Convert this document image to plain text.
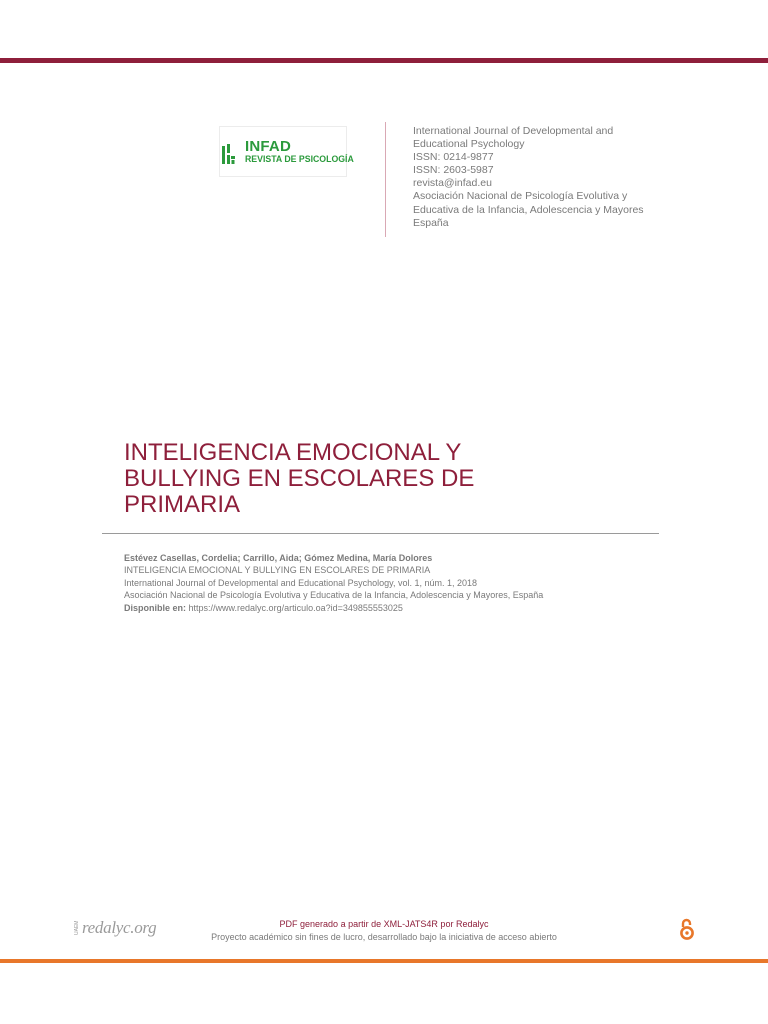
INFAD
REVISTA DE PSICOLOGÍA
International Journal of Developmental and
Educational Psychology
ISSN: 0214-9877
ISSN: 2603-5987
revista@infad.eu
Asociación Nacional de Psicología Evolutiva y
Educativa de la Infancia, Adolescencia y Mayores
España
INTELIGENCIA EMOCIONAL Y
BULLYING EN ESCOLARES DE
PRIMARIA
Estévez Casellas, Cordelia; Carrillo, Aida; Gómez Medina, María Dolores
INTELIGENCIA EMOCIONAL Y BULLYING EN ESCOLARES DE PRIMARIA
International Journal of Developmental and Educational Psychology, vol. 1, núm. 1, 2018
Asociación Nacional de Psicología Evolutiva y Educativa de la Infancia, Adolescencia y Mayores, España
Disponible en: https://www.redalyc.org/articulo.oa?id=349855553025
UAEM redalyc.org	PDF generado a partir de XML-JATS4R por Redalyc
Proyecto académico sin fines de lucro, desarrollado bajo la iniciativa de acceso abierto
